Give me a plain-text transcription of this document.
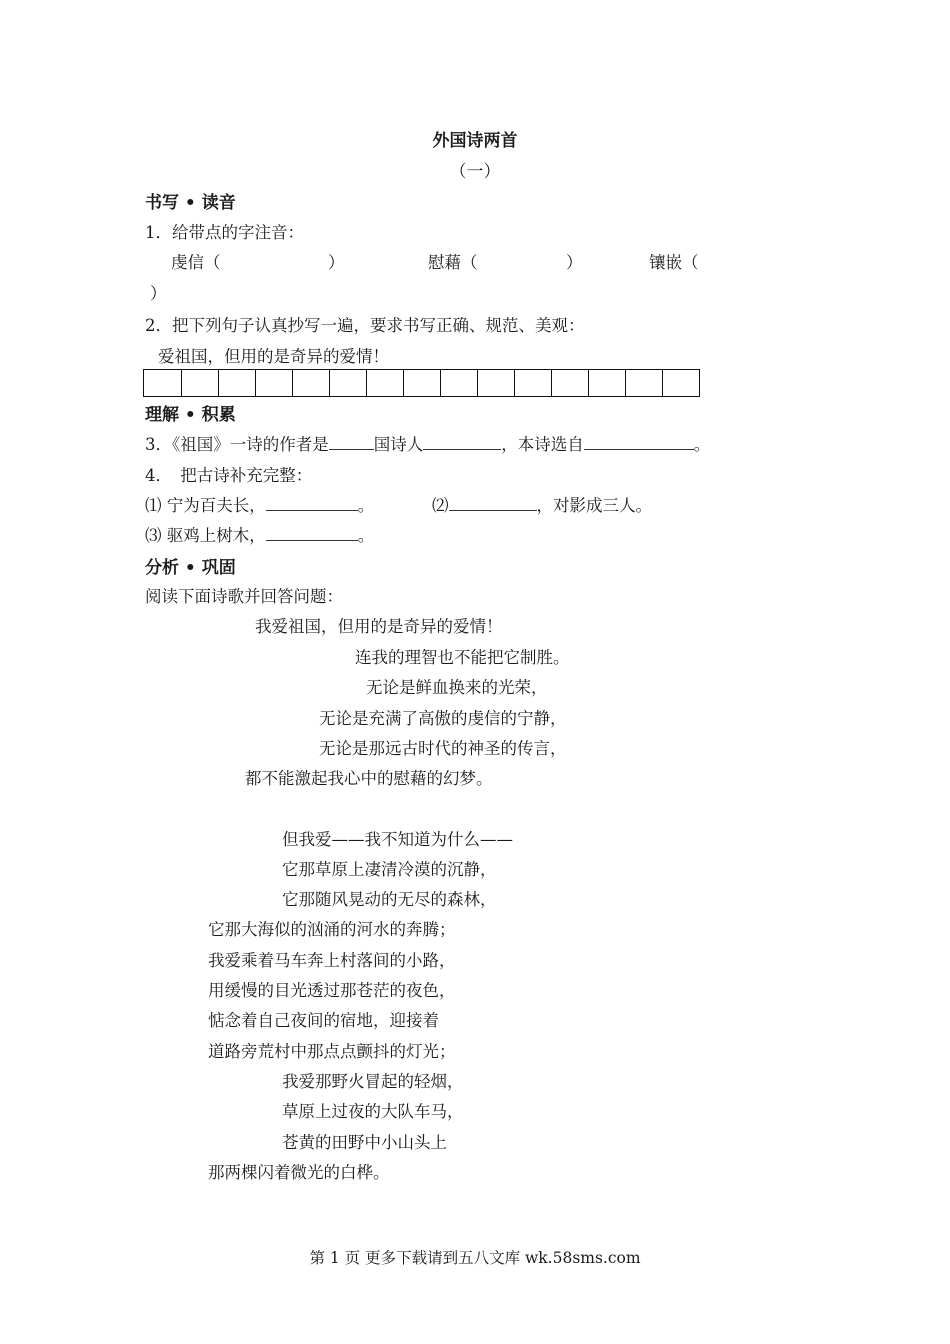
外国诗两首
（一）
书写 • 读音
1．给带点的字注音：
虔信（	）	慰藉（	）	镶嵌（
）
2．把下列句子认真抄写一遍，要求书写正确、规范、美观：
爱祖国，但用的是奇异的爱情！
理解 • 积累
3．《祖国》一诗的作者是	国诗人	，本诗选自	。
4．　把古诗补充完整：
⑴ 宁为百夫长，	。	⑵	，对影成三人。
⑶ 驱鸡上树木，	。
分析 • 巩固
阅读下面诗歌并回答问题：
我爱祖国，但用的是奇异的爱情！
连我的理智也不能把它制胜。
无论是鲜血换来的光荣，
无论是充满了高傲的虔信的宁静，
无论是那远古时代的神圣的传言，
都不能激起我心中的慰藉的幻梦。
但我爱——我不知道为什么——
它那草原上凄清冷漠的沉静，
它那随风晃动的无尽的森林，
它那大海似的汹涌的河水的奔腾；
我爱乘着马车奔上村落间的小路，
用缓慢的目光透过那苍茫的夜色，
惦念着自己夜间的宿地，迎接着
道路旁荒村中那点点颤抖的灯光；
我爱那野火冒起的轻烟，
草原上过夜的大队车马，
苍黄的田野中小山头上
那两棵闪着微光的白桦。
第 1 页 更多下载请到五八文库 wk.58sms.com
